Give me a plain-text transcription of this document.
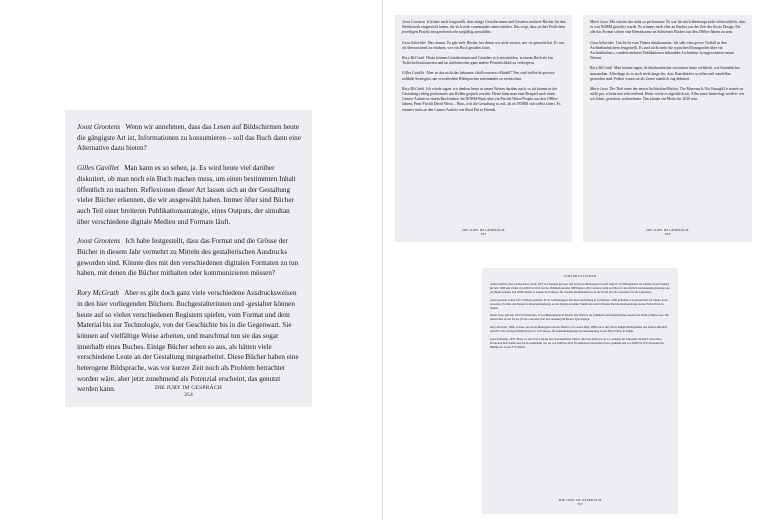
Joost Grootens Wenn wir annehmen, dass das Lesen auf Bildschirmen heute die gängigste Art ist, Informationen zu konsumieren – soll das Buch dann eine Alternative dazu bieten?

Gilles Gavillet Man kann es so sehen, ja. Es wird heute viel darüber diskutiert, ob man noch ein Buch machen muss, um einen bestimmten Inhalt öffentlich zu machen. Reflexionen dieser Art lassen sich an der Gestaltung vieler Bücher erkennen, die wir ausgewählt haben. Immer öfter sind Bücher auch Teil einer breiteren Publikationsstrategie, eines Outputs, der simultan über verschiedene digitale Medien und Formate läuft.

Joost Grootens Ich habe festgestellt, dass das Format und die Grösse der Bücher in diesem Jahr vermehrt zu Mitteln des gestalterischen Ausdrucks geworden sind. Könnte dies mit den verschiedenen digitalen Formaten zu tun haben, mit denen die Bücher mithalten oder kommunizieren müssen?

Rory McGrath Aber es gibt doch ganz viele verschiedene Ausdrucksweisen in den hier vorliegenden Büchern. Buchgestalterinnen und -gestalter können heute auf so vielen verschiedenen Registern spielen, vom Format und dem Material bis zur Technologie, von der Geschichte bis in die Gegenwart. Sie können auf vielfältige Weise arbeiten, und manchmal tun sie das sogar innerhalb eines Buches. Einige Bücher sehen so aus, als hätten viele verschiedene Leute an der Gestaltung mitgearbeitet. Diese Bücher haben eine heterogene Bildsprache, was vor kurzer Zeit noch als Problem betrachtet worden wäre, aber jetzt zunehmend als Potenzial erscheint, das genutzt werden kann.	DIE JURY IM GESPRÄCH
354

Joost Grootens Ich habe auch festgestellt, dass einige Gestalterinnen und Gestalter mehrere Bücher für den Wettbewerb eingereicht haben, die sich stark voneinander unterscheiden. Das zeigt, dass sie ihre Rolle dem jeweiligen Projekt entsprechend sehr sorgfältig auswählen.

Gesa Schneider Das stimmt. Es gab viele Bücher, bei denen wir nicht wissen, wer sie gemacht hat. Es war oft überraschend zu erfahren, wer ein Buch gestaltet hatte.

Rory McGrath Heute können Gestalterinnen und Gestalter sich entscheiden, in einem Buch als Jan Tschichold aufzutreten und im nächsten eine ganz andere Persönlichkeit zu verkörpern.

Gilles Gavillet Aber ist das nicht das bekannte «Stellvertreter»-Modell? Neu sind vielleicht gewisse radikale Strategien, um verschiedene Bildsprachen miteinander zu vermischen.

Rory McGrath Ich würde sagen, wir denken heute in neuen Weisen darüber nach, so als könnte in der Gestaltung richtig performativ mit Rollen gespielt werden. Heute kann man zum Beispiel auch einen Cameo-Auftritt in einem Buch haben. Im NORM-Buch über ein Fischli-Weiss-Projekt aus den 1980er-Jahren, Peter Fischli David Weiss – Haus, tritt die Gestaltung so auf, als ob NORM sich selbst zitiert. Es erinnert mich an den Cameo-Auftritt von Brad Pitt in Friends.

DIE JURY IM GESPRÄCH
355

Marie Lusa Mir scheint das nicht so performativ. Es war für mich überhaupt nicht offensichtlich, dass es von NORM gestaltet wurde. Es erinnert mich eher an Bücher aus der Zeit des Swiss Design. Für alle das Format schien eine Reminiszenz an Schweizer Bücher aus den 1960er-Jahren zu sein.

Gesa Schneider Um leicht vom Thema abzukommen: Ich sehe eine grosse Vielfalt in den Architekturbüchern festgestellt. Es sind nicht mehr die typischen Monografien über ein Architekturbüro, sondern mehrere Publikationen behandeln Architektur in ungewohnten neuen Weisen.

Rory McGrath Man könnte sagen, Architekturbücher versuchen heute vielleicht, wie Kunstbücher auszusehen. Allerdings ist es noch nicht lange her, dass Kunstbücher so offen und wandelbar geworden sind. Früher waren sie als Genre ziemlich eng definiert.

Marie Lusa Der Titel eines der neuen Architektur-Bücher, The Museum Is Not Enough/Le musée ne suffit pas, scheint mir sehr treffend. Heute reicht es eigentlich nie. Alles muss hinterfragt werden: wie wir leben, gestalten, wahrnehmen. Das könnte ein Motto für 2020 sein.

DIE JURY IM GESPRÄCH
356

JURYMITGLIEDER

Gilles Gavillet (Juryvorsitzender) wurde 1973 in Lausanne geboren und ist als Grafikdesigner in Genf tätig. Er ist Mitbegründer der Optimo Type Foundry im Jahr 1998 und wirkte von 2004 bis 2021 bei der Publikationsreihe JRP|Ringier. 2011 wurde er zum Art Director des jährlich erscheinenden Katalogs der Art Basel ernannt. Seit 2008 arbeitet er zudem als Professor für visuelle Kommunikation an der ECAL (Ecole cantonale d'art de Lausanne).

Joost Grootens wurde 1971 in Breda geboren. Er ist Grafikdesigner mit einer Ausbildung in Architektur. 1995 gründete er in Amsterdam das Studio Joost Grootens. Er leitet den Master in Informationsdesign an der Design Academy Eindhoven und ist Dozent für Informationsdesign an der ISIA Urbino in Italien.

Marie Lusa, geboren 1974 in Pontresina, ist Grafikdesignerin in Zürich. Seit 2003 ist sie Gründerin und künstlerische Leiterin des Studios Marie Lusa. Sie unterrichtet an der ECAL (Ecole cantonale d'art de Lausanne) im Master Type Design.

Rory McGrath, 1986, London, ist als Grafikdesigner und Art Director in London tätig. 2008 war er mit Oliver Knight Mitbegründer des Studios OK-RM und 2013 des Verlags InOtherWords. Er ist Professor für Ausstellungsdesign und Inszenierung an der ISIA Urbino in Italien.

Gesa Schneider, 1973, Bonn, ist seit 2015 Leiterin des Literaturhauses Zürich. 2013 bis 2016 war sie Co-Leiterin des Museums Strauhof. Nach ihrer Promotion über Kafka und die Prosaminiatur war sie von 2006 bis 2015 Projektleiterin bei Keller Ernst- genheim und von 2008 bis 2015 Dozentin für Bildtheorie an der F+F Zürich.

DIE JURY IM GESPRÄCH
357
